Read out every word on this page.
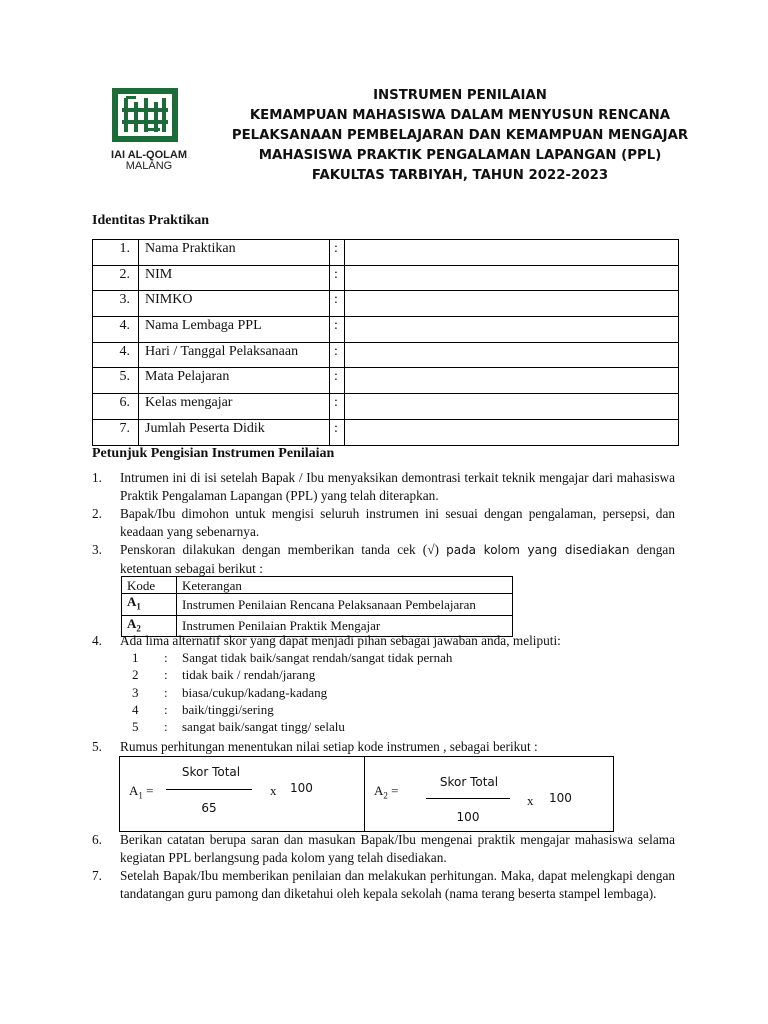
IAI AL-QOLAM
MALANG
INSTRUMEN PENILAIAN
KEMAMPUAN MAHASISWA DALAM MENYUSUN RENCANA
PELAKSANAAN PEMBELAJARAN DAN KEMAMPUAN MENGAJAR
MAHASISWA PRAKTIK PENGALAMAN LAPANGAN (PPL)
FAKULTAS TARBIYAH, TAHUN 2022-2023
Identitas Praktikan
1.	Nama Praktikan	:	
2.	NIM	:	
3.	NIMKO	:	
4.	Nama Lembaga PPL	:	
4.	Hari / Tanggal Pelaksanaan	:	
5.	Mata Pelajaran	:	
6.	Kelas mengajar	:	
7.	Jumlah Peserta Didik	:	
Petunjuk Pengisian Instrumen Penilaian
1. Intrumen ini di isi setelah Bapak / Ibu menyaksikan demontrasi terkait teknik mengajar dari mahasiswa Praktik Pengalaman Lapangan (PPL) yang telah diterapkan.
2. Bapak/Ibu dimohon untuk mengisi seluruh instrumen ini sesuai dengan pengalaman, persepsi, dan keadaan yang sebenarnya.
3. Penskoran dilakukan dengan memberikan tanda cek (√) pada kolom yang disediakan dengan ketentuan sebagai berikut :
Kode	Keterangan
$A_1$	Instrumen Penilaian Rencana Pelaksanaan Pembelajaran
$A_2$	Instrumen Penilaian Praktik Mengajar
4. Ada lima alternatif skor yang dapat menjadi pihan sebagai jawaban anda, meliputi:
1 : Sangat tidak baik/sangat rendah/sangat tidak pernah
2 : tidak baik / rendah/jarang
3 : biasa/cukup/kadang-kadang
4 : baik/tinggi/sering
5 : sangat baik/sangat tingg/ selalu
5. Rumus perhitungan menentukan nilai setiap kode instrumen , sebagai berikut :
$A_1$ =
Skor Total
65
x 100	$A_2$ =
Skor Total
100
x 100
6. Berikan catatan berupa saran dan masukan Bapak/Ibu mengenai praktik mengajar mahasiswa selama kegiatan PPL berlangsung pada kolom yang telah disediakan.
7. Setelah Bapak/Ibu memberikan penilaian dan melakukan perhitungan. Maka, dapat melengkapi dengan tandatangan guru pamong dan diketahui oleh kepala sekolah (nama terang beserta stampel lembaga).
